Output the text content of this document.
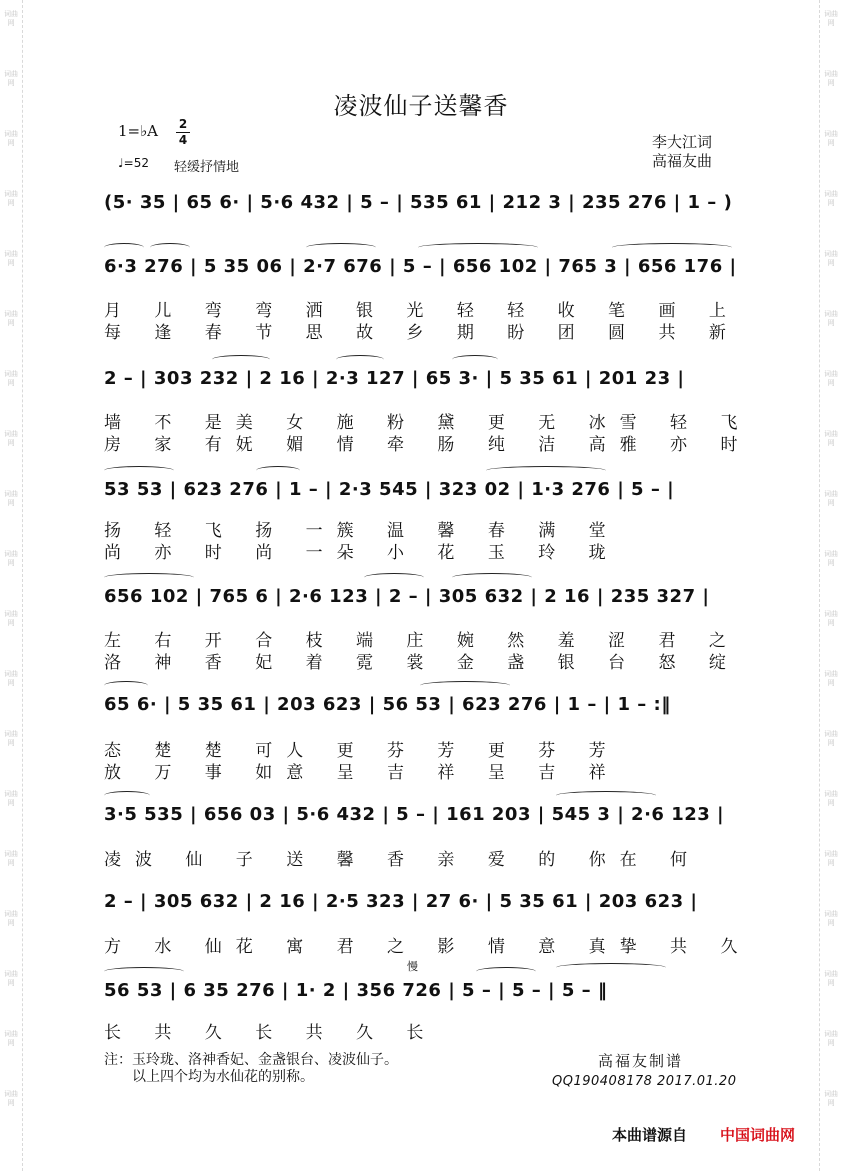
词曲网
词曲网
词曲网
词曲网
词曲网
词曲网
词曲网
词曲网
词曲网
词曲网
词曲网
词曲网
词曲网
词曲网
词曲网
词曲网
词曲网
词曲网
词曲网
词曲网
词曲网
词曲网
词曲网
词曲网
词曲网
词曲网
词曲网
词曲网
词曲网
词曲网
词曲网
词曲网
词曲网
词曲网
词曲网
词曲网
词曲网
词曲网
凌波仙子送馨香
1=♭A 2
4
♩=52 轻缓抒情地
李大江词
高福友曲
(5· 35 | 65 6· | 5·6 432 | 5 – | 535 61 | 212 3 | 235 276 | 1 – )
6·3 276 | 5 35 06 | 2·7 676 | 5 – | 656 102 | 765 3 | 656 176 |
月 儿 弯 弯 洒 银 光 轻 轻 收 笔 画 上
每 逢 春 节 思 故 乡 期 盼 团 圆 共 新
2 – | 303 232 | 2 16 | 2·3 127 | 65 3· | 5 35 61 | 201 23 |
墙 不 是美 女 施 粉 黛 更 无 冰雪 轻 飞
房 家 有妩 媚 情 牵 肠 纯 洁 高雅 亦 时
53 53 | 623 276 | 1 – | 2·3 545 | 323 02 | 1·3 276 | 5 – |
扬 轻 飞 扬 一簇 温 馨 春 满 堂
尚 亦 时 尚 一朵 小 花 玉 玲 珑
656 102 | 765 6 | 2·6 123 | 2 – | 305 632 | 2 16 | 235 327 |
左 右 开 合 枝 端 庄 婉 然 羞 涩 君 之
洛 神 香 妃 着 霓 裳 金 盏 银 台 怒 绽
65 6· | 5 35 61 | 203 623 | 56 53 | 623 276 | 1 – | 1 – :‖
态 楚 楚 可人 更 芬 芳 更 芬 芳
放 万 事 如意 呈 吉 祥 呈 吉 祥
3·5 535 | 656 03 | 5·6 432 | 5 – | 161 203 | 545 3 | 2·6 123 |
凌波 仙 子 送 馨 香 亲 爱 的 你在 何
2 – | 305 632 | 2 16 | 2·5 323 | 27 6· | 5 35 61 | 203 623 |
方 水 仙花 寓 君 之 影 情 意 真挚 共 久
慢
56 53 | 6 35 276 | 1· 2 | 356 726 | 5 – | 5 – | 5 – ‖
长 共 久 长 共 久 长
注：玉玲珑、洛神香妃、金盏银台、凌波仙子。
以上四个均为水仙花的别称。
高福友制谱
QQ190408178 2017.01.20
本曲谱源自 中国词曲网
